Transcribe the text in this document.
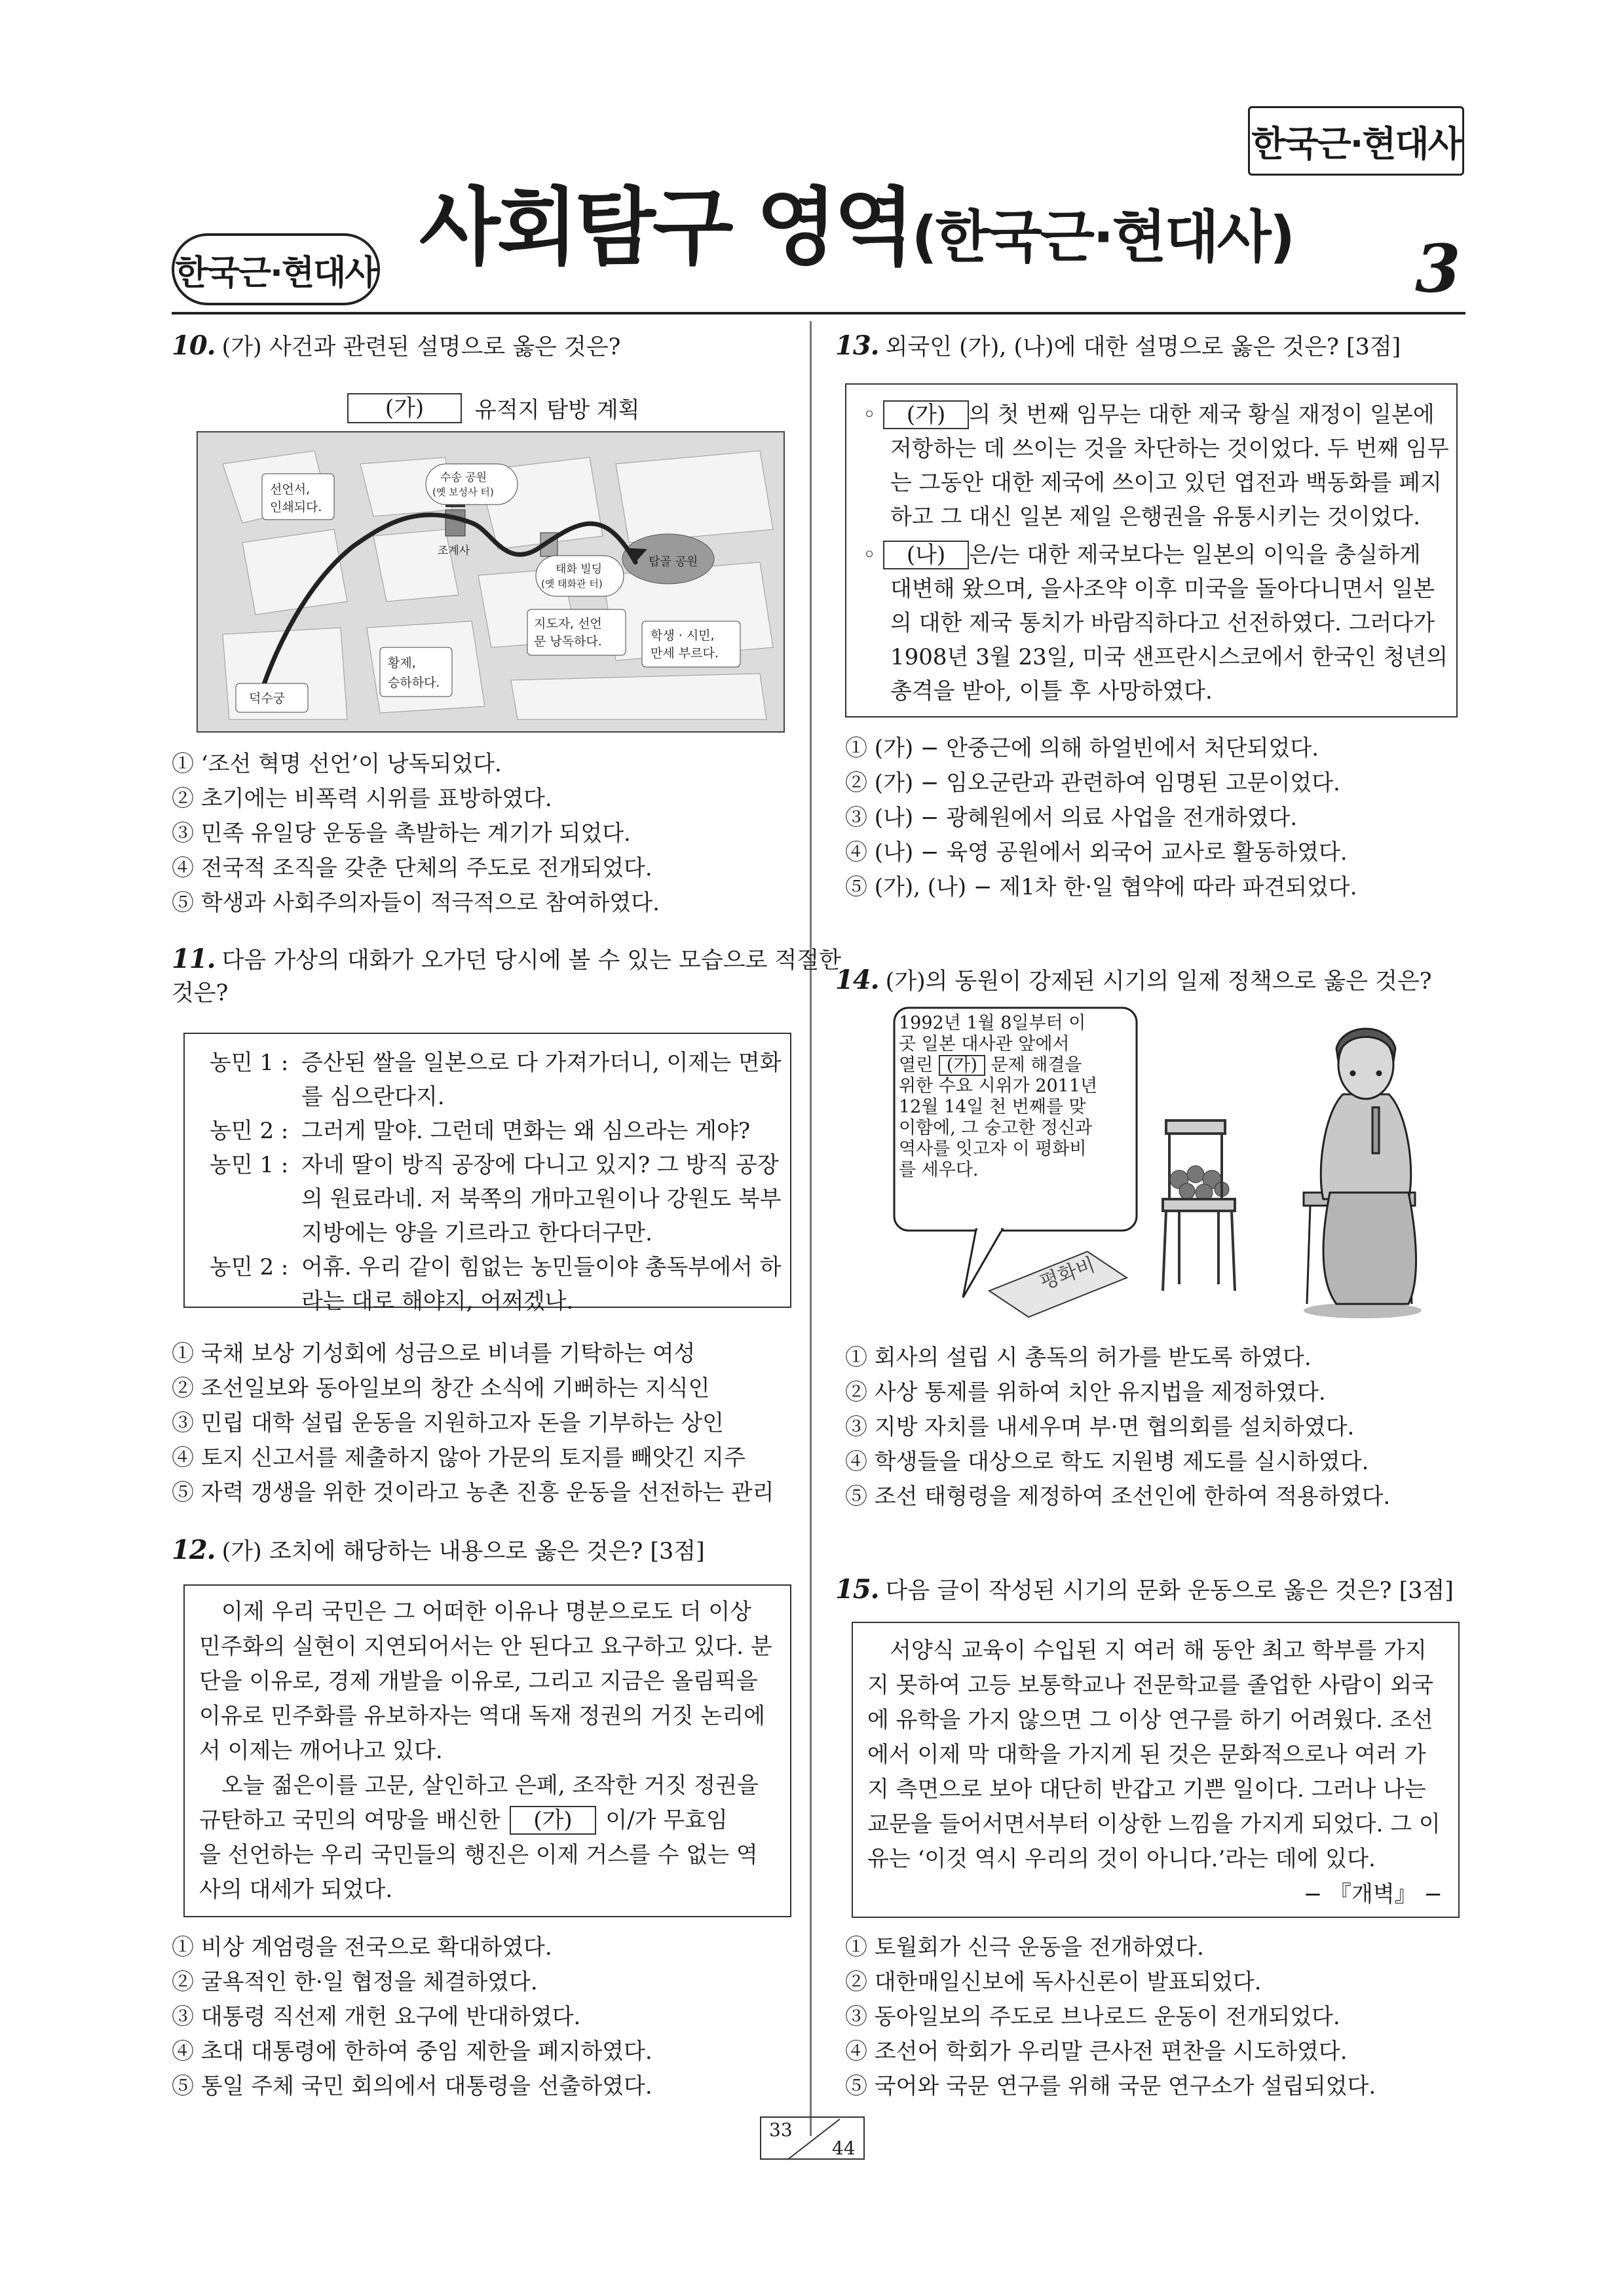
한국근·현대사
한국근·현대사 사회탐구 영역(한국근·현대사) 3
10. (가) 사건과 관련된 설명으로 옳은 것은?
(가)	유적지 탐방 계획
선언서,
인쇄되다.
수송 공원
(옛 보성사 터)
조계사
태화 빌딩
(옛 태화관 터)
탑골 공원
지도자, 선언
문 낭독하다.	학생 · 시민,
만세 부르다.
황제,
승하하다.
덕수궁
① ‘조선 혁명 선언’이 낭독되었다.
② 초기에는 비폭력 시위를 표방하였다.
③ 민족 유일당 운동을 촉발하는 계기가 되었다.
④ 전국적 조직을 갖춘 단체의 주도로 전개되었다.
⑤ 학생과 사회주의자들이 적극적으로 참여하였다.
11. 다음 가상의 대화가 오가던 당시에 볼 수 있는 모습으로 적절한
것은?
농민 1 : 증산된 쌀을 일본으로 다 가져가더니, 이제는 면화
를 심으란다지.
농민 2 : 그러게 말야. 그런데 면화는 왜 심으라는 게야?
농민 1 : 자네 딸이 방직 공장에 다니고 있지? 그 방직 공장
의 원료라네. 저 북쪽의 개마고원이나 강원도 북부
지방에는 양을 기르라고 한다더구만.
농민 2 : 어휴. 우리 같이 힘없는 농민들이야 총독부에서 하
라는 대로 해야지, 어쩌겠나.
① 국채 보상 기성회에 성금으로 비녀를 기탁하는 여성
② 조선일보와 동아일보의 창간 소식에 기뻐하는 지식인
③ 민립 대학 설립 운동을 지원하고자 돈을 기부하는 상인
④ 토지 신고서를 제출하지 않아 가문의 토지를 빼앗긴 지주
⑤ 자력 갱생을 위한 것이라고 농촌 진흥 운동을 선전하는 관리
12. (가) 조치에 해당하는 내용으로 옳은 것은? [3점]
이제 우리 국민은 그 어떠한 이유나 명분으로도 더 이상
민주화의 실현이 지연되어서는 안 된다고 요구하고 있다. 분
단을 이유로, 경제 개발을 이유로, 그리고 지금은 올림픽을
이유로 민주화를 유보하자는 역대 독재 정권의 거짓 논리에
서 이제는 깨어나고 있다.
오늘 젊은이를 고문, 살인하고 은폐, 조작한 거짓 정권을
규탄하고 국민의 여망을 배신한 (가) 이/가 무효임
을 선언하는 우리 국민들의 행진은 이제 거스를 수 없는 역
사의 대세가 되었다.
① 비상 계엄령을 전국으로 확대하였다.
② 굴욕적인 한·일 협정을 체결하였다.
③ 대통령 직선제 개헌 요구에 반대하였다.
④ 초대 대통령에 한하여 중임 제한을 폐지하였다.
⑤ 통일 주체 국민 회의에서 대통령을 선출하였다.
13. 외국인 (가), (나)에 대한 설명으로 옳은 것은? [3점]
◦ (가) 의 첫 번째 임무는 대한 제국 황실 재정이 일본에
저항하는 데 쓰이는 것을 차단하는 것이었다. 두 번째 임무
는 그동안 대한 제국에 쓰이고 있던 엽전과 백동화를 폐지
하고 그 대신 일본 제일 은행권을 유통시키는 것이었다.
◦ (나) 은/는 대한 제국보다는 일본의 이익을 충실하게
대변해 왔으며, 을사조약 이후 미국을 돌아다니면서 일본
의 대한 제국 통치가 바람직하다고 선전하였다. 그러다가
1908년 3월 23일, 미국 샌프란시스코에서 한국인 청년의
총격을 받아, 이틀 후 사망하였다.
① (가) − 안중근에 의해 하얼빈에서 처단되었다.
② (가) − 임오군란과 관련하여 임명된 고문이었다.
③ (나) − 광혜원에서 의료 사업을 전개하였다.
④ (나) − 육영 공원에서 외국어 교사로 활동하였다.
⑤ (가), (나) − 제1차 한·일 협약에 따라 파견되었다.
14. (가)의 동원이 강제된 시기의 일제 정책으로 옳은 것은?
평화비
1992년 1월 8일부터 이
곳 일본 대사관 앞에서
열린 (가) 문제 해결을
위한 수요 시위가 2011년
12월 14일 천 번째를 맞
이함에, 그 숭고한 정신과
역사를 잇고자 이 평화비
를 세우다.
① 회사의 설립 시 총독의 허가를 받도록 하였다.
② 사상 통제를 위하여 치안 유지법을 제정하였다.
③ 지방 자치를 내세우며 부·면 협의회를 설치하였다.
④ 학생들을 대상으로 학도 지원병 제도를 실시하였다.
⑤ 조선 태형령을 제정하여 조선인에 한하여 적용하였다.
15. 다음 글이 작성된 시기의 문화 운동으로 옳은 것은? [3점]
서양식 교육이 수입된 지 여러 해 동안 최고 학부를 가지
지 못하여 고등 보통학교나 전문학교를 졸업한 사람이 외국
에 유학을 가지 않으면 그 이상 연구를 하기 어려웠다. 조선
에서 이제 막 대학을 가지게 된 것은 문화적으로나 여러 가
지 측면으로 보아 대단히 반갑고 기쁜 일이다. 그러나 나는
교문을 들어서면서부터 이상한 느낌을 가지게 되었다. 그 이
유는 ‘이것 역시 우리의 것이 아니다.’라는 데에 있다.
− 『개벽』 −
① 토월회가 신극 운동을 전개하였다.
② 대한매일신보에 독사신론이 발표되었다.
③ 동아일보의 주도로 브나로드 운동이 전개되었다.
④ 조선어 학회가 우리말 큰사전 편찬을 시도하였다.
⑤ 국어와 국문 연구를 위해 국문 연구소가 설립되었다.
33
44
